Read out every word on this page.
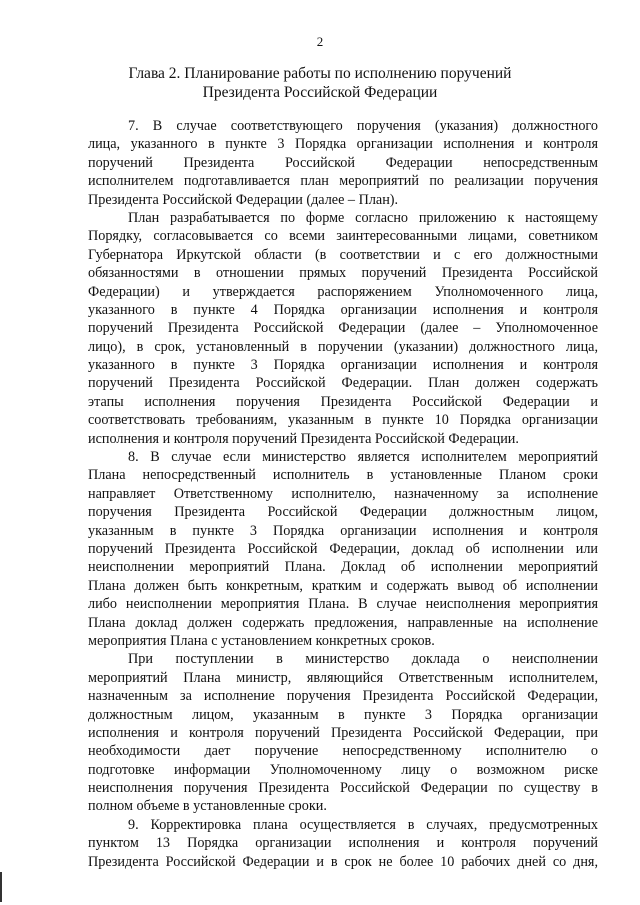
2
Глава 2. Планирование работы по исполнению поручений
Президента Российской Федерации
7. В случае соответствующего поручения (указания) должностного
лица, указанного в пункте 3 Порядка организации исполнения и контроля
поручений Президента Российской Федерации непосредственным
исполнителем подготавливается план мероприятий по реализации поручения
Президента Российской Федерации (далее – План).
План разрабатывается по форме согласно приложению к настоящему
Порядку, согласовывается со всеми заинтересованными лицами, советником
Губернатора Иркутской области (в соответствии и с его должностными
обязанностями в отношении прямых поручений Президента Российской
Федерации) и утверждается распоряжением Уполномоченного лица,
указанного в пункте 4 Порядка организации исполнения и контроля
поручений Президента Российской Федерации (далее – Уполномоченное
лицо), в срок, установленный в поручении (указании) должностного лица,
указанного в пункте 3 Порядка организации исполнения и контроля
поручений Президента Российской Федерации. План должен содержать
этапы исполнения поручения Президента Российской Федерации и
соответствовать требованиям, указанным в пункте 10 Порядка организации
исполнения и контроля поручений Президента Российской Федерации.
8. В случае если министерство является исполнителем мероприятий
Плана непосредственный исполнитель в установленные Планом сроки
направляет Ответственному исполнителю, назначенному за исполнение
поручения Президента Российской Федерации должностным лицом,
указанным в пункте 3 Порядка организации исполнения и контроля
поручений Президента Российской Федерации, доклад об исполнении или
неисполнении мероприятий Плана. Доклад об исполнении мероприятий
Плана должен быть конкретным, кратким и содержать вывод об исполнении
либо неисполнении мероприятия Плана. В случае неисполнения мероприятия
Плана доклад должен содержать предложения, направленные на исполнение
мероприятия Плана с установлением конкретных сроков.
При поступлении в министерство доклада о неисполнении
мероприятий Плана министр, являющийся Ответственным исполнителем,
назначенным за исполнение поручения Президента Российской Федерации,
должностным лицом, указанным в пункте 3 Порядка организации
исполнения и контроля поручений Президента Российской Федерации, при
необходимости дает поручение непосредственному исполнителю о
подготовке информации Уполномоченному лицу о возможном риске
неисполнения поручения Президента Российской Федерации по существу в
полном объеме в установленные сроки.
9. Корректировка плана осуществляется в случаях, предусмотренных
пунктом 13 Порядка организации исполнения и контроля поручений
Президента Российской Федерации и в срок не более 10 рабочих дней со дня,
